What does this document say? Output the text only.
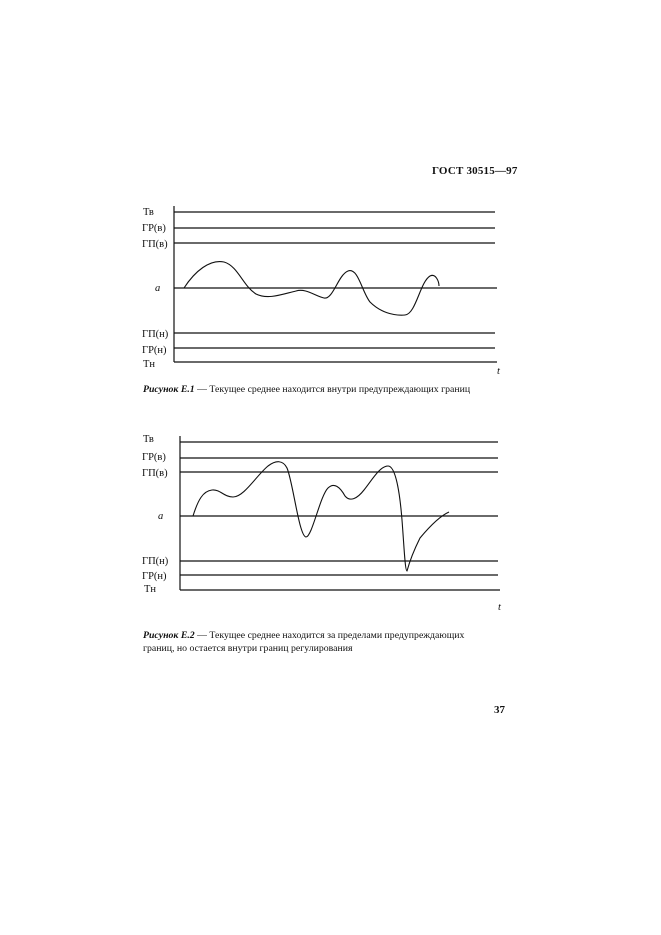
ГОСТ 30515—97
Тв
ГР(в)
ГП(в)
a
ГП(н)
ГР(н)
Тн
t
Тв
ГР(в)
ГП(в)
a
ГП(н)
ГР(н)
Тн
t
Рисунок Е.1 — Текущее среднее находится внутри предупреждающих границ
Рисунок Е.2 — Текущее среднее находится за пределами предупреждающих
границ, но остается внутри границ регулирования
37
